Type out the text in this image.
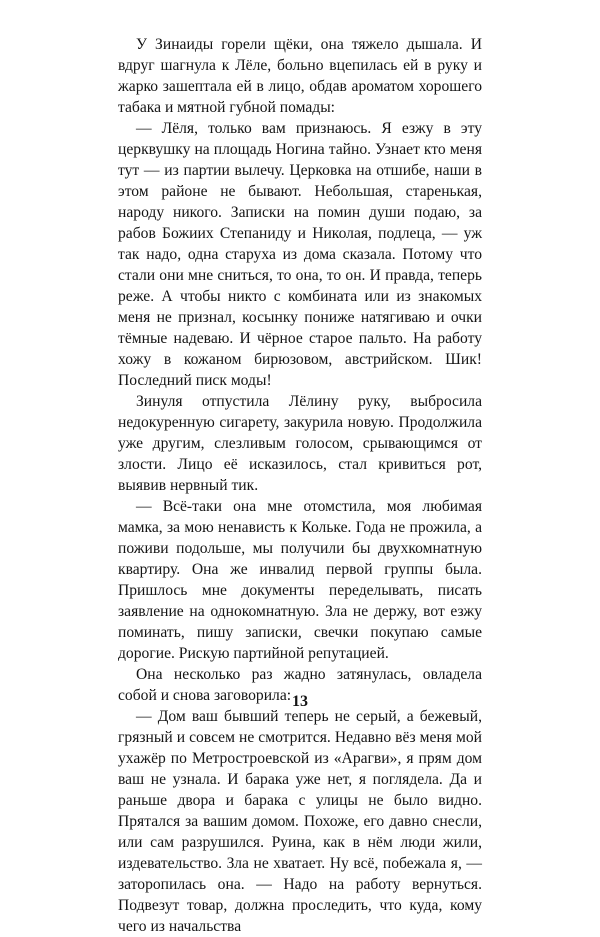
У Зинаиды горели щёки, она тяжело дышала. И вдруг шагнула к Лёле, больно вцепилась ей в руку и жарко зашептала ей в лицо, обдав ароматом хорошего табака и мятной губной помады:

— Лёля, только вам признаюсь. Я езжу в эту церквушку на площадь Ногина тайно. Узнает кто меня тут — из партии вылечу. Церковка на отшибе, наши в этом районе не бывают. Небольшая, старенькая, народу никого. Записки на помин души подаю, за рабов Божиих Степаниду и Николая, подлеца, — уж так надо, одна старуха из дома сказала. Потому что стали они мне сниться, то она, то он. И правда, теперь реже. А чтобы никто с комбината или из знакомых меня не признал, косынку пониже натягиваю и очки тёмные надеваю. И чёрное старое пальто. На работу хожу в кожаном бирюзовом, австрийском. Шик! Последний писк моды!

Зинуля отпустила Лёлину руку, выбросила недокуренную сигарету, закурила новую. Продолжила уже другим, слезливым голосом, срывающимся от злости. Лицо её исказилось, стал кривиться рот, выявив нервный тик.

— Всё-таки она мне отомстила, моя любимая мамка, за мою ненависть к Кольке. Года не прожила, а поживи подольше, мы получили бы двухкомнатную квартиру. Она же инвалид первой группы была. Пришлось мне документы переделывать, писать заявление на однокомнатную. Зла не держу, вот езжу поминать, пишу записки, свечки покупаю самые дорогие. Рискую партийной репутацией.

Она несколько раз жадно затянулась, овладела собой и снова заговорила:

— Дом ваш бывший теперь не серый, а бежевый, грязный и совсем не смотрится. Недавно вёз меня мой ухажёр по Метростроевской из «Арагви», я прям дом ваш не узнала. И барака уже нет, я поглядела. Да и раньше двора и барака с улицы не было видно. Прятался за вашим домом. Похоже, его давно снесли, или сам разрушился. Руина, как в нём люди жили, издевательство. Зла не хватает. Ну всё, побежала я, — заторопилась она. — Надо на работу вернуться. Подвезут товар, должна проследить, что куда, кому чего из начальства

13
